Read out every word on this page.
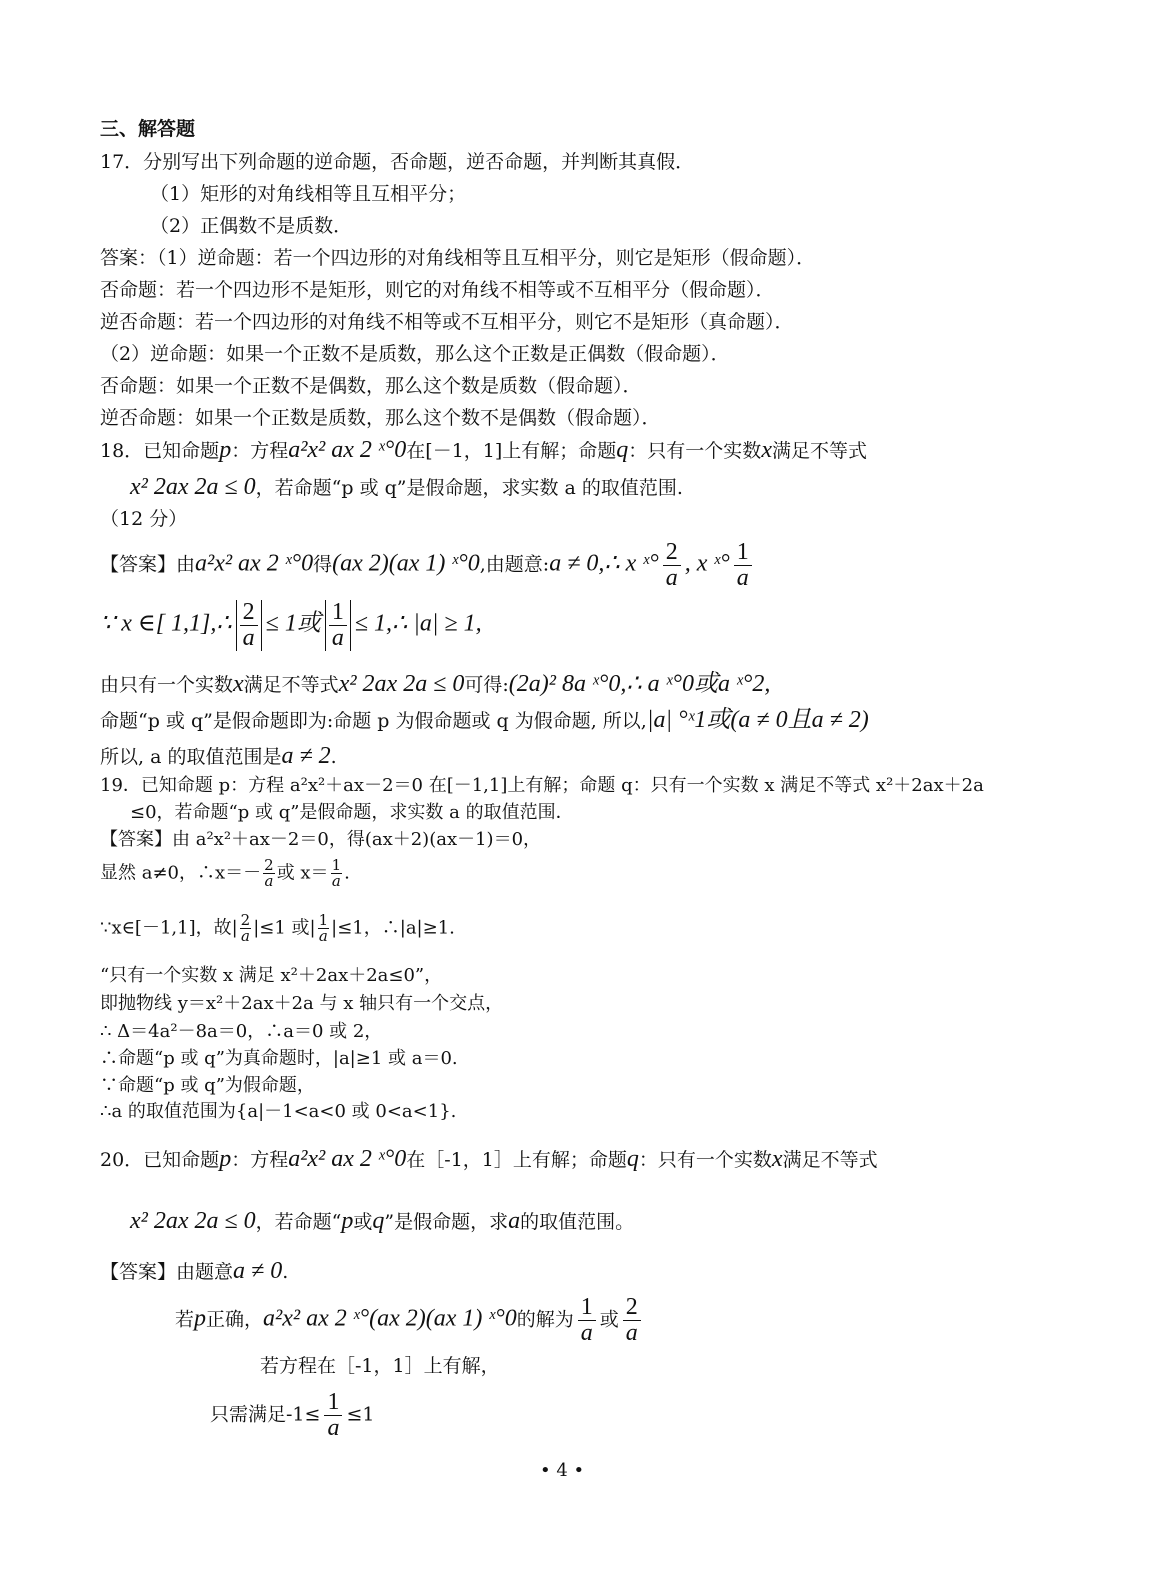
三、解答题
17．分别写出下列命题的逆命题，否命题，逆否命题，并判断其真假．
（1）矩形的对角线相等且互相平分；
（2）正偶数不是质数．
答案：（1）逆命题：若一个四边形的对角线相等且互相平分，则它是矩形（假命题）．
否命题：若一个四边形不是矩形，则它的对角线不相等或不互相平分（假命题）．
逆否命题：若一个四边形的对角线不相等或不互相平分，则它不是矩形（真命题）．
（2）逆命题：如果一个正数不是质数，那么这个正数是正偶数（假命题）．
否命题：如果一个正数不是偶数，那么这个数是质数（假命题）．
逆否命题：如果一个正数是质数，那么这个数不是偶数（假命题）．
18．已知命题p：方程a²x² ax 2 ˣ°0在[－1，1]上有解；命题q：只有一个实数x满足不等式
x² 2ax 2a ≤ 0，若命题“p 或 q”是假命题，求实数 a 的取值范围.
（12 分）
【答案】由a²x² ax 2 ˣ°0得(ax 2)(ax 1) ˣ°0,由题意:a ≠ 0,∴ x ˣ° $\frac{2}{a}$ , x ˣ° $\frac{1}{a}$
∵ x ∈[ 1,1],∴ $\frac{2}{a} \le 1$或 $\frac{1}{a}$ ≤ 1,∴ |a| ≥ 1,
由只有一个实数x满足不等式x² 2ax 2a ≤ 0可得:(2a)² 8a ˣ°0,∴ a ˣ°0或a ˣ°2,
命题“p 或 q”是假命题即为:命题 p 为假命题或 q 为假命题, 所以,|a| °ˣ1或(a ≠ 0且a ≠ 2)
所以, a 的取值范围是a ≠ 2.
19．已知命题 p：方程 a²x²＋ax－2＝0 在[－1,1]上有解；命题 q：只有一个实数 x 满足不等式 x²＋2ax＋2a
≤0，若命题“p 或 q”是假命题，求实数 a 的取值范围．
【答案】由 a²x²＋ax－2＝0，得(ax＋2)(ax－1)＝0，
显然 a≠0，∴x＝－ $\frac{2}{a}$ 或 $x= \frac{1}{a}$ .
∵x∈[－1,1]，故| $\frac{2}{a} |\le 1$ 或| $\frac{1}{a} |\le 1$，∴|a|≥1.
“只有一个实数 x 满足 x²＋2ax＋2a≤0”，
即抛物线 y＝x²＋2ax＋2a 与 x 轴只有一个交点，
∴ Δ＝4a²－8a＝0，∴a＝0 或 2，
∴命题“p 或 q”为真命题时，|a|≥1 或 a＝0.
∵命题“p 或 q”为假命题，
∴a 的取值范围为{a|－1<a<0 或 0<a<1}.
20．已知命题p：方程a²x² ax 2 ˣ°0在［-1，1］上有解；命题q：只有一个实数x满足不等式
x² 2ax 2a ≤ 0，若命题“p或q”是假命题，求a的取值范围。
【答案】由题意a ≠ 0.
若p正确，a²x² ax 2 ˣ°(ax 2)(ax 1) ˣ°0的解为 $\frac{1}{a}$ 或 $\frac{2}{a}$
若方程在［-1，1］上有解，
只需满足$-1\le \frac{1}{a} \le 1$
• 4 •
